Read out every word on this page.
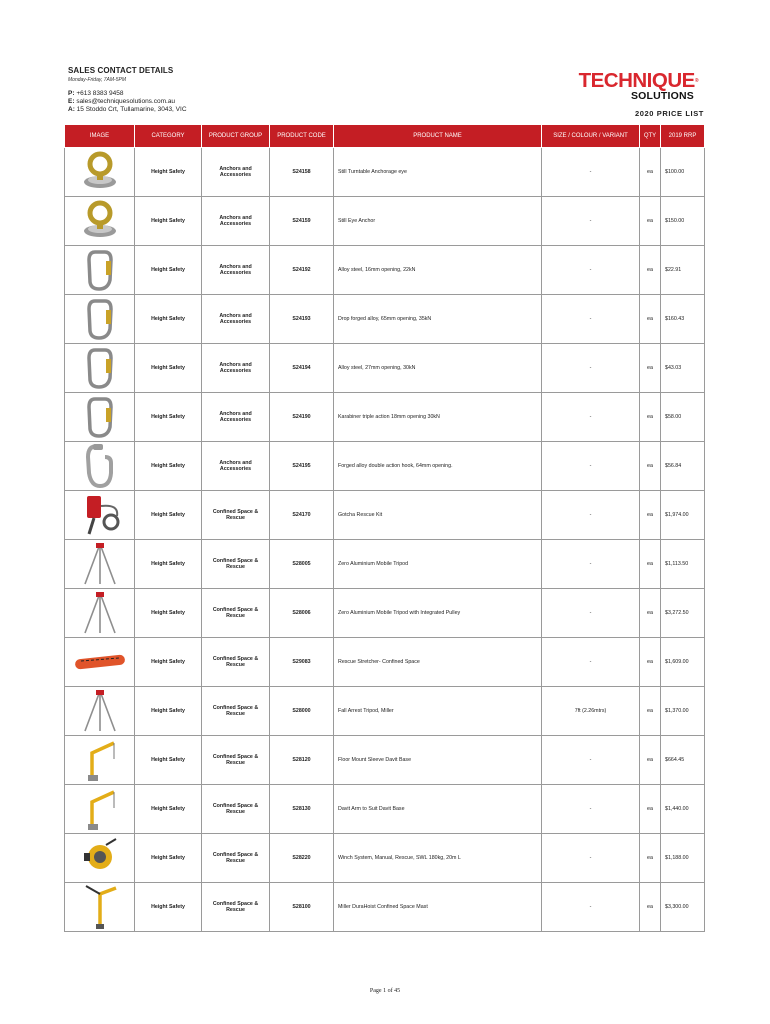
SALES CONTACT DETAILS
Monday-Friday, 7AM-5PM
P: +613 8383 9458
E: sales@techniquesolutions.com.au
A: 15 Stoddo Crt, Tullamarine, 3043, VIC
TECHNIQUE®
SOLUTIONS
2020 PRICE LIST
IMAGE	CATEGORY	PRODUCT GROUP	PRODUCT CODE	PRODUCT NAME	SIZE / COLOUR / VARIANT	QTY	2019 RRP

	Height Safety	Anchors and Accessories	S24158	Still Turntable Anchorage eye	-	ea	$100.00

	Height Safety	Anchors and Accessories	S24159	Still Eye Anchor	-	ea	$150.00

	Height Safety	Anchors and Accessories	S24192	Alloy steel, 16mm opening, 22kN	-	ea	$22.91

	Height Safety	Anchors and Accessories	S24193	Drop forged alloy, 65mm opening, 35kN	-	ea	$160.43

	Height Safety	Anchors and Accessories	S24194	Alloy steel, 27mm opening, 30kN	-	ea	$43.03

	Height Safety	Anchors and Accessories	S24190	Karabiner triple action 18mm opening 30kN	-	ea	$58.00

	Height Safety	Anchors and Accessories	S24195	Forged alloy double action hook, 64mm opening.	-	ea	$56.84

	Height Safety	Confined Space & Rescue	S24170	Gotcha Rescue Kit	-	ea	$1,974.00

	Height Safety	Confined Space & Rescue	S28005	Zero Aluminium Mobile Tripod	-	ea	$1,113.50

	Height Safety	Confined Space & Rescue	S28006	Zero Aluminium Mobile Tripod with Integrated Pulley	-	ea	$3,272.50

	Height Safety	Confined Space & Rescue	S29083	Rescue Stretcher- Confined Space	-	ea	$1,609.00

	Height Safety	Confined Space & Rescue	S28000	Fall Arrest Tripod, Miller	7ft (2.26mtrs)	ea	$1,370.00

	Height Safety	Confined Space & Rescue	S28120	Floor Mount Sleeve Davit Base	-	ea	$664.45

	Height Safety	Confined Space & Rescue	S28130	Davit Arm to Suit Davit Base	-	ea	$1,440.00

	Height Safety	Confined Space & Rescue	S28220	Winch System, Manual, Rescue, SWL 180kg, 20m L	-	ea	$1,188.00

	Height Safety	Confined Space & Rescue	S28100	Miller DuraHoist Confined Space Mast	-	ea	$3,300.00
Page 1 of 45
